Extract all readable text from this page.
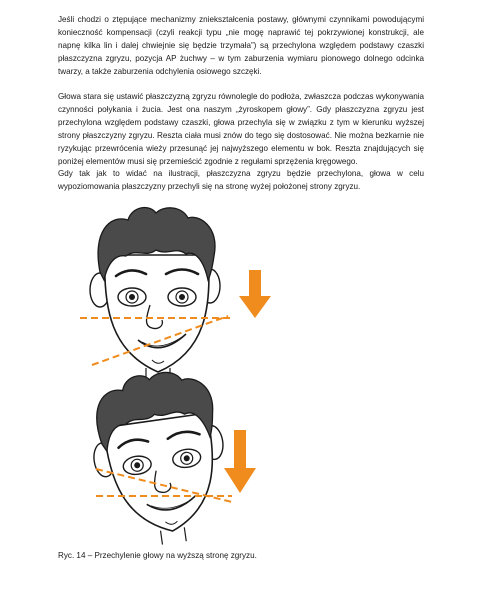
Jeśli chodzi o ztępujące mechanizmy zniekształcenia postawy, głównymi czynnikami powodującymi konieczność kompensacji (czyli reakcji typu „nie mogę naprawić tej pokrzywionej konstrukcji, ale napnę kilka lin i dalej chwiejnie się będzie trzymała”) są przechylona względem podstawy czaszki płaszczyzna zgryzu, pozycja AP żuchwy – w tym zaburzenia wymiaru pionowego dolnego odcinka twarzy, a także zaburzenia odchylenia osiowego szczęki.

Głowa stara się ustawić płaszczyzną zgryzu równolegle do podłoża, zwłaszcza podczas wykonywania czynności połykania i żucia. Jest ona naszym „żyroskopem głowy”. Gdy płaszczyzna zgryzu jest przechylona względem podstawy czaszki, głowa przechyla się w związku z tym w kierunku wyższej strony płaszczyzny zgryzu. Reszta ciała musi znów do tego się dostosować. Nie można bezkarnie nie ryzykując przewrócenia wieży przesunąć jej najwyższego elementu w bok. Reszta znajdujących się poniżej elementów musi się przemieścić zgodnie z regułami sprzężenia kręgowego.

Gdy tak jak to widać na ilustracji, płaszczyzna zgryzu będzie przechylona, głowa w celu wypoziomowania płaszczyzny przechyli się na stronę wyżej położonej strony zgryzu.

Ryc. 14 – Przechylenie głowy na wyższą stronę zgryzu.
